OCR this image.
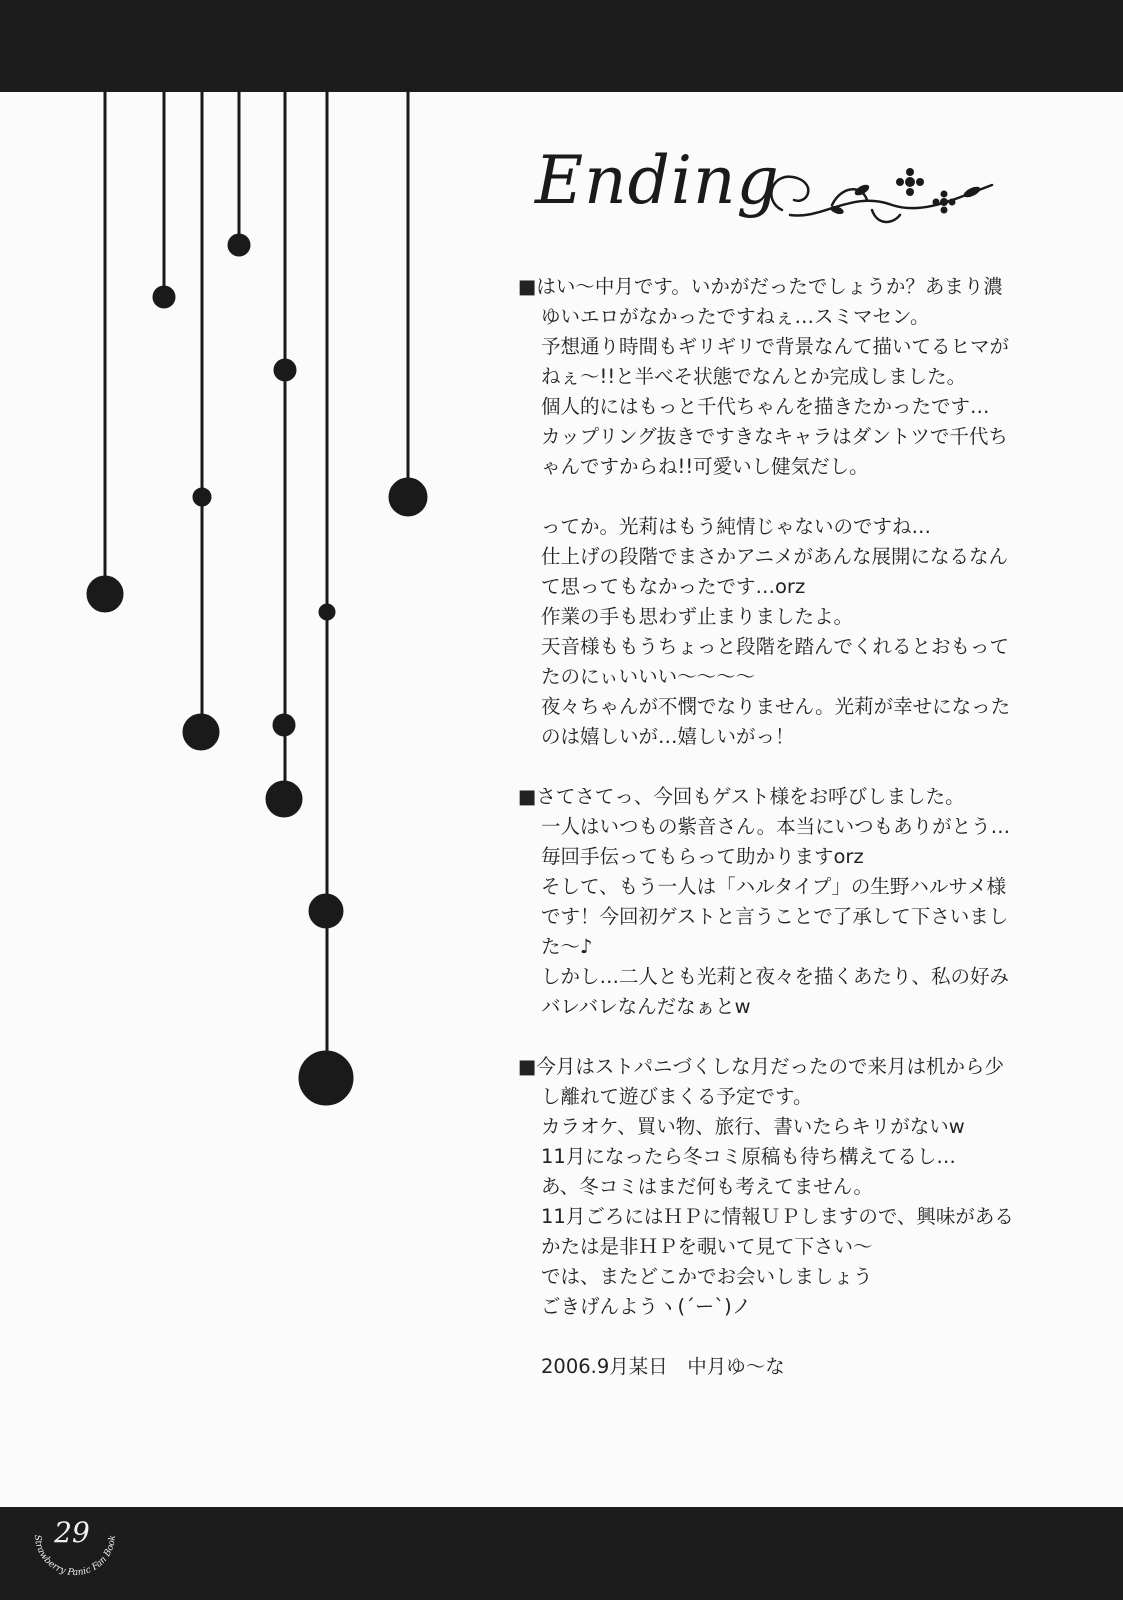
Ending
■はい～中月です。いかがだったでしょうか？あまり濃
ゆいエロがなかったですねぇ…スミマセン。
予想通り時間もギリギリで背景なんて描いてるヒマが
ねぇ～!!と半べそ状態でなんとか完成しました。
個人的にはもっと千代ちゃんを描きたかったです…
カップリング抜きですきなキャラはダントツで千代ち
ゃんですからね!!可愛いし健気だし。
ってか。光莉はもう純情じゃないのですね…
仕上げの段階でまさかアニメがあんな展開になるなん
て思ってもなかったです…orz
作業の手も思わず止まりましたよ。
天音様ももうちょっと段階を踏んでくれるとおもって
たのにぃいいい～～～～
夜々ちゃんが不憫でなりません。光莉が幸せになった
のは嬉しいが…嬉しいがっ！
■さてさてっ、今回もゲスト様をお呼びしました。
一人はいつもの紫音さん。本当にいつもありがとう…
毎回手伝ってもらって助かりますorz
そして、もう一人は「ハルタイプ」の生野ハルサメ様
です！今回初ゲストと言うことで了承して下さいまし
た～♪
しかし…二人とも光莉と夜々を描くあたり、私の好み
バレバレなんだなぁとw
■今月はストパニづくしな月だったので来月は机から少
し離れて遊びまくる予定です。
カラオケ、買い物、旅行、書いたらキリがないw
11月になったら冬コミ原稿も待ち構えてるし…
あ、冬コミはまだ何も考えてません。
11月ごろにはＨＰに情報ＵＰしますので、興味がある
かたは是非ＨＰを覗いて見て下さい～
では、またどこかでお会いしましょう
ごきげんようヽ(´ー`)ノ
2006.9月某日　中月ゆ～な
Strawberry Panic Fan Book
29
